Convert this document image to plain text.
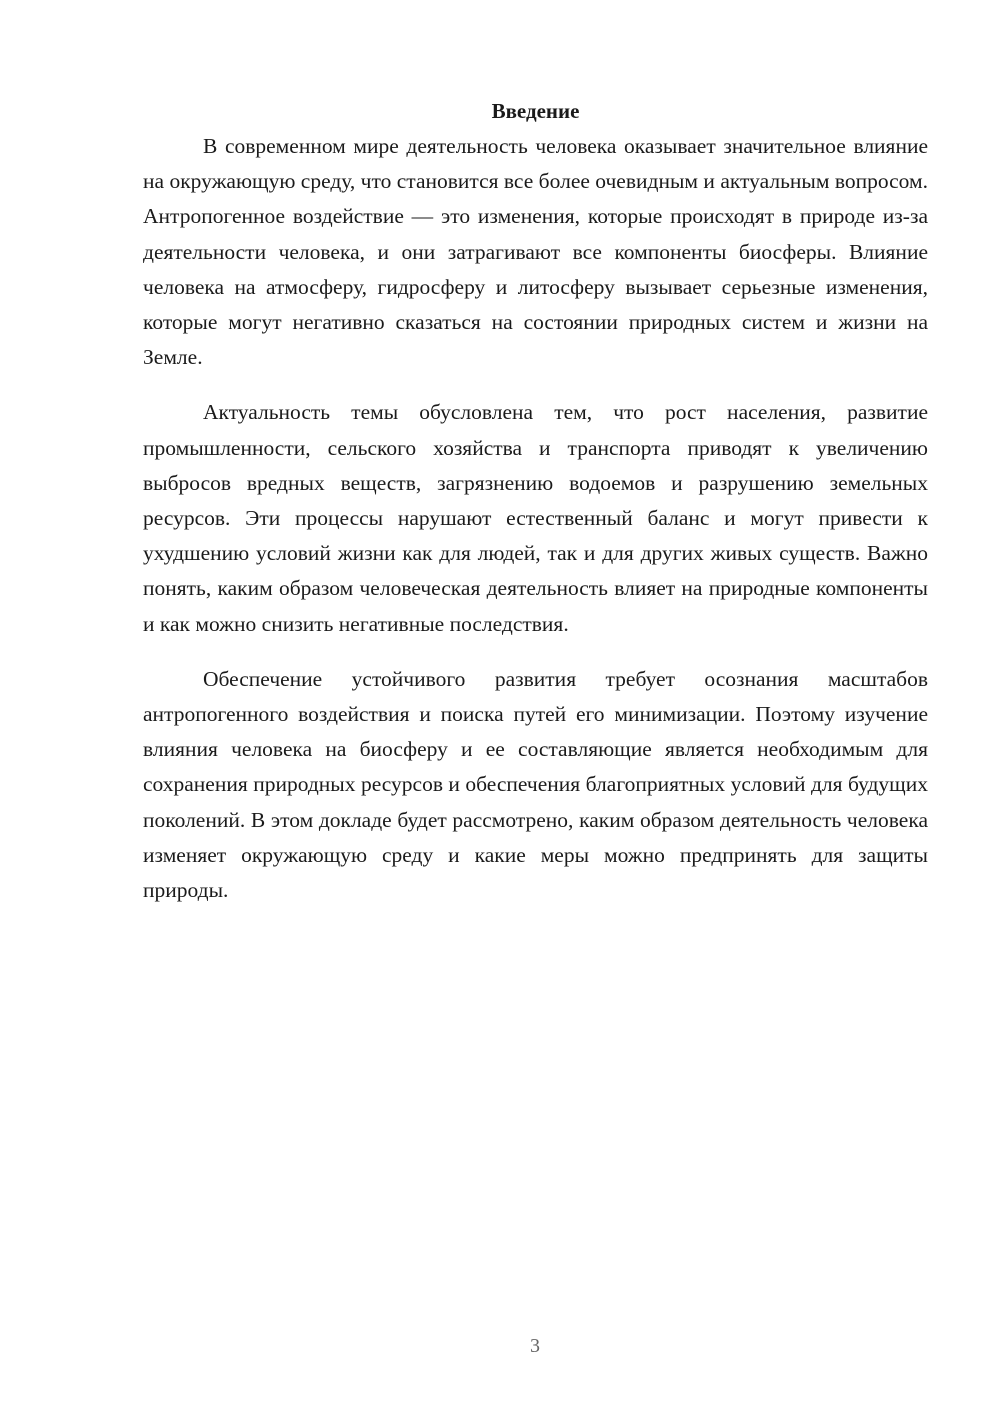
Введение

В современном мире деятельность человека оказывает значительное влияние на окружающую среду, что становится все более очевидным и актуальным вопросом. Антропогенное воздействие — это изменения, которые происходят в природе из-за деятельности человека, и они затрагивают все компоненты биосферы. Влияние человека на атмосферу, гидросферу и литосферу вызывает серьезные изменения, которые могут негативно сказаться на состоянии природных систем и жизни на Земле.

Актуальность темы обусловлена тем, что рост населения, развитие промышленности, сельского хозяйства и транспорта приводят к увеличению выбросов вредных веществ, загрязнению водоемов и разрушению земельных ресурсов. Эти процессы нарушают естественный баланс и могут привести к ухудшению условий жизни как для людей, так и для других живых существ. Важно понять, каким образом человеческая деятельность влияет на природные компоненты и как можно снизить негативные последствия.

Обеспечение устойчивого развития требует осознания масштабов антропогенного воздействия и поиска путей его минимизации. Поэтому изучение влияния человека на биосферу и ее составляющие является необходимым для сохранения природных ресурсов и обеспечения благоприятных условий для будущих поколений. В этом докладе будет рассмотрено, каким образом деятельность человека изменяет окружающую среду и какие меры можно предпринять для защиты природы.

3
